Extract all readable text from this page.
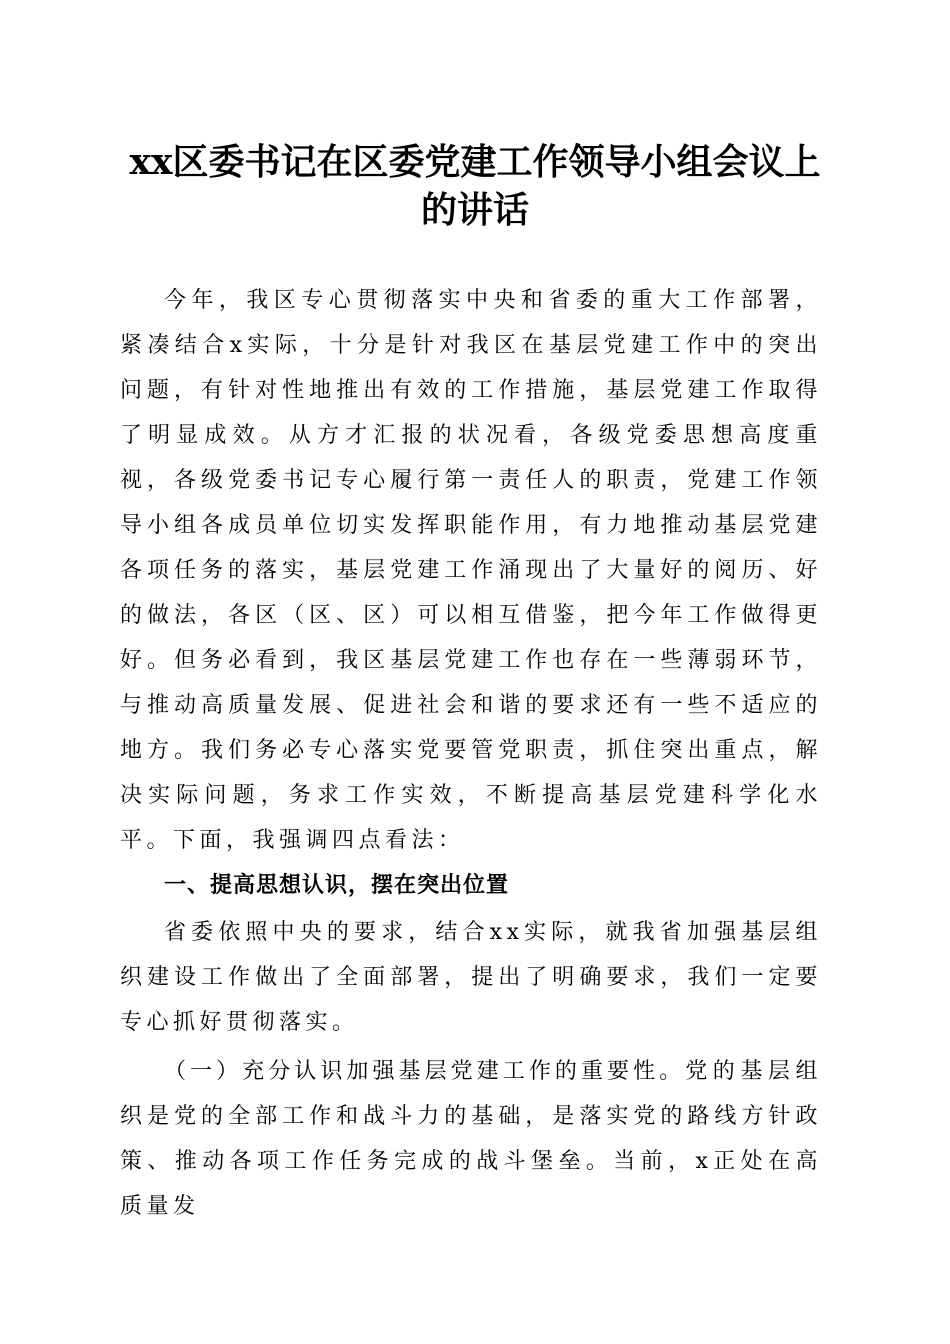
xx区委书记在区委党建工作领导小组会议上
的讲话

今年，我区专心贯彻落实中央和省委的重大工作部署，紧凑结合x实际，十分是针对我区在基层党建工作中的突出问题，有针对性地推出有效的工作措施，基层党建工作取得了明显成效。从方才汇报的状况看，各级党委思想高度重视，各级党委书记专心履行第一责任人的职责，党建工作领导小组各成员单位切实发挥职能作用，有力地推动基层党建各项任务的落实，基层党建工作涌现出了大量好的阅历、好的做法，各区（区、区）可以相互借鉴，把今年工作做得更好。但务必看到，我区基层党建工作也存在一些薄弱环节，与推动高质量发展、促进社会和谐的要求还有一些不适应的地方。我们务必专心落实党要管党职责，抓住突出重点，解决实际问题，务求工作实效，不断提高基层党建科学化水平。下面，我强调四点看法：

一、提高思想认识，摆在突出位置

省委依照中央的要求，结合xx实际，就我省加强基层组织建设工作做出了全面部署，提出了明确要求，我们一定要专心抓好贯彻落实。

（一）充分认识加强基层党建工作的重要性。党的基层组织是党的全部工作和战斗力的基础，是落实党的路线方针政策、推动各项工作任务完成的战斗堡垒。当前，x正处在高质量发
